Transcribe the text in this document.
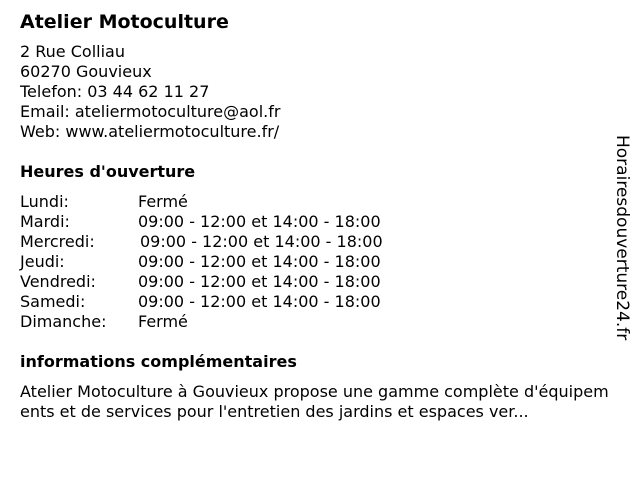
Atelier Motoculture
2 Rue Colliau
60270 Gouvieux
Telefon: 03 44 62 11 27
Email: ateliermotoculture@aol.fr
Web: www.ateliermotoculture.fr/
Heures d'ouverture
Lundi:	Fermé
Mardi:	09:00 - 12:00 et 14:00 - 18:00
Mercredi:	09:00 - 12:00 et 14:00 - 18:00
Jeudi:	09:00 - 12:00 et 14:00 - 18:00
Vendredi:	09:00 - 12:00 et 14:00 - 18:00
Samedi:	09:00 - 12:00 et 14:00 - 18:00
Dimanche:	Fermé
informations complémentaires
Atelier Motoculture à Gouvieux propose une gamme complète d'équipements et de services pour l'entretien des jardins et espaces ver...
Horairesdouverture24.fr
